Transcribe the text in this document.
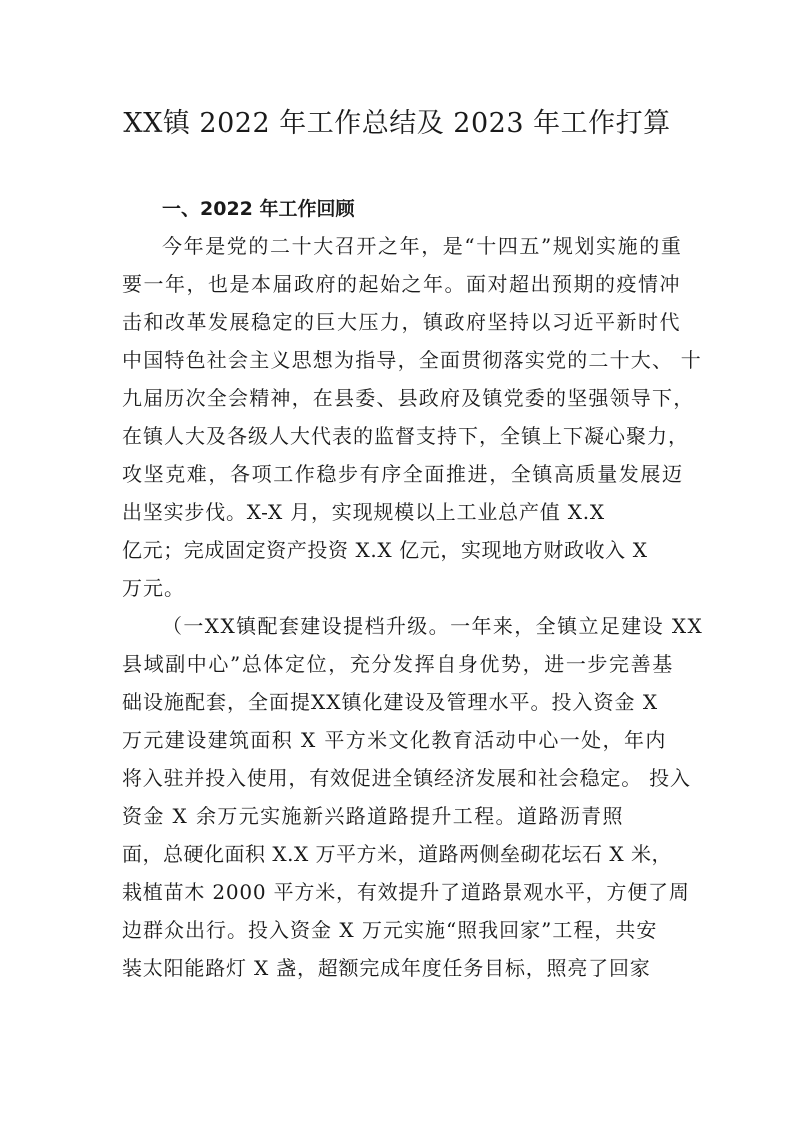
XX镇 2022 年工作总结及 2023 年工作打算
一、2022 年工作回顾
今年是党的二十大召开之年，是“十四五”规划实施的重
要一年，也是本届政府的起始之年。面对超出预期的疫情冲
击和改革发展稳定的巨大压力，镇政府坚持以习近平新时代
中国特色社会主义思想为指导，全面贯彻落实党的二十大、 十
九届历次全会精神，在县委、县政府及镇党委的坚强领导下，
在镇人大及各级人大代表的监督支持下，全镇上下凝心聚力，
攻坚克难，各项工作稳步有序全面推进，全镇高质量发展迈
出坚实步伐。X-X 月，实现规模以上工业总产值 X.X
亿元；完成固定资产投资 X.X 亿元，实现地方财政收入 X
万元。
（一XX镇配套建设提档升级。一年来，全镇立足建设 XX
县域副中心”总体定位，充分发挥自身优势，进一步完善基
础设施配套，全面提XX镇化建设及管理水平。投入资金 X
万元建设建筑面积 X 平方米文化教育活动中心一处，年内
将入驻并投入使用，有效促进全镇经济发展和社会稳定。 投入
资金 X 余万元实施新兴路道路提升工程。道路沥青照
面，总硬化面积 X.X 万平方米，道路两侧垒砌花坛石 X 米，
栽植苗木 2000 平方米，有效提升了道路景观水平，方便了周
边群众出行。投入资金 X 万元实施“照我回家”工程，共安
装太阳能路灯 X 盏，超额完成年度任务目标，照亮了回家
